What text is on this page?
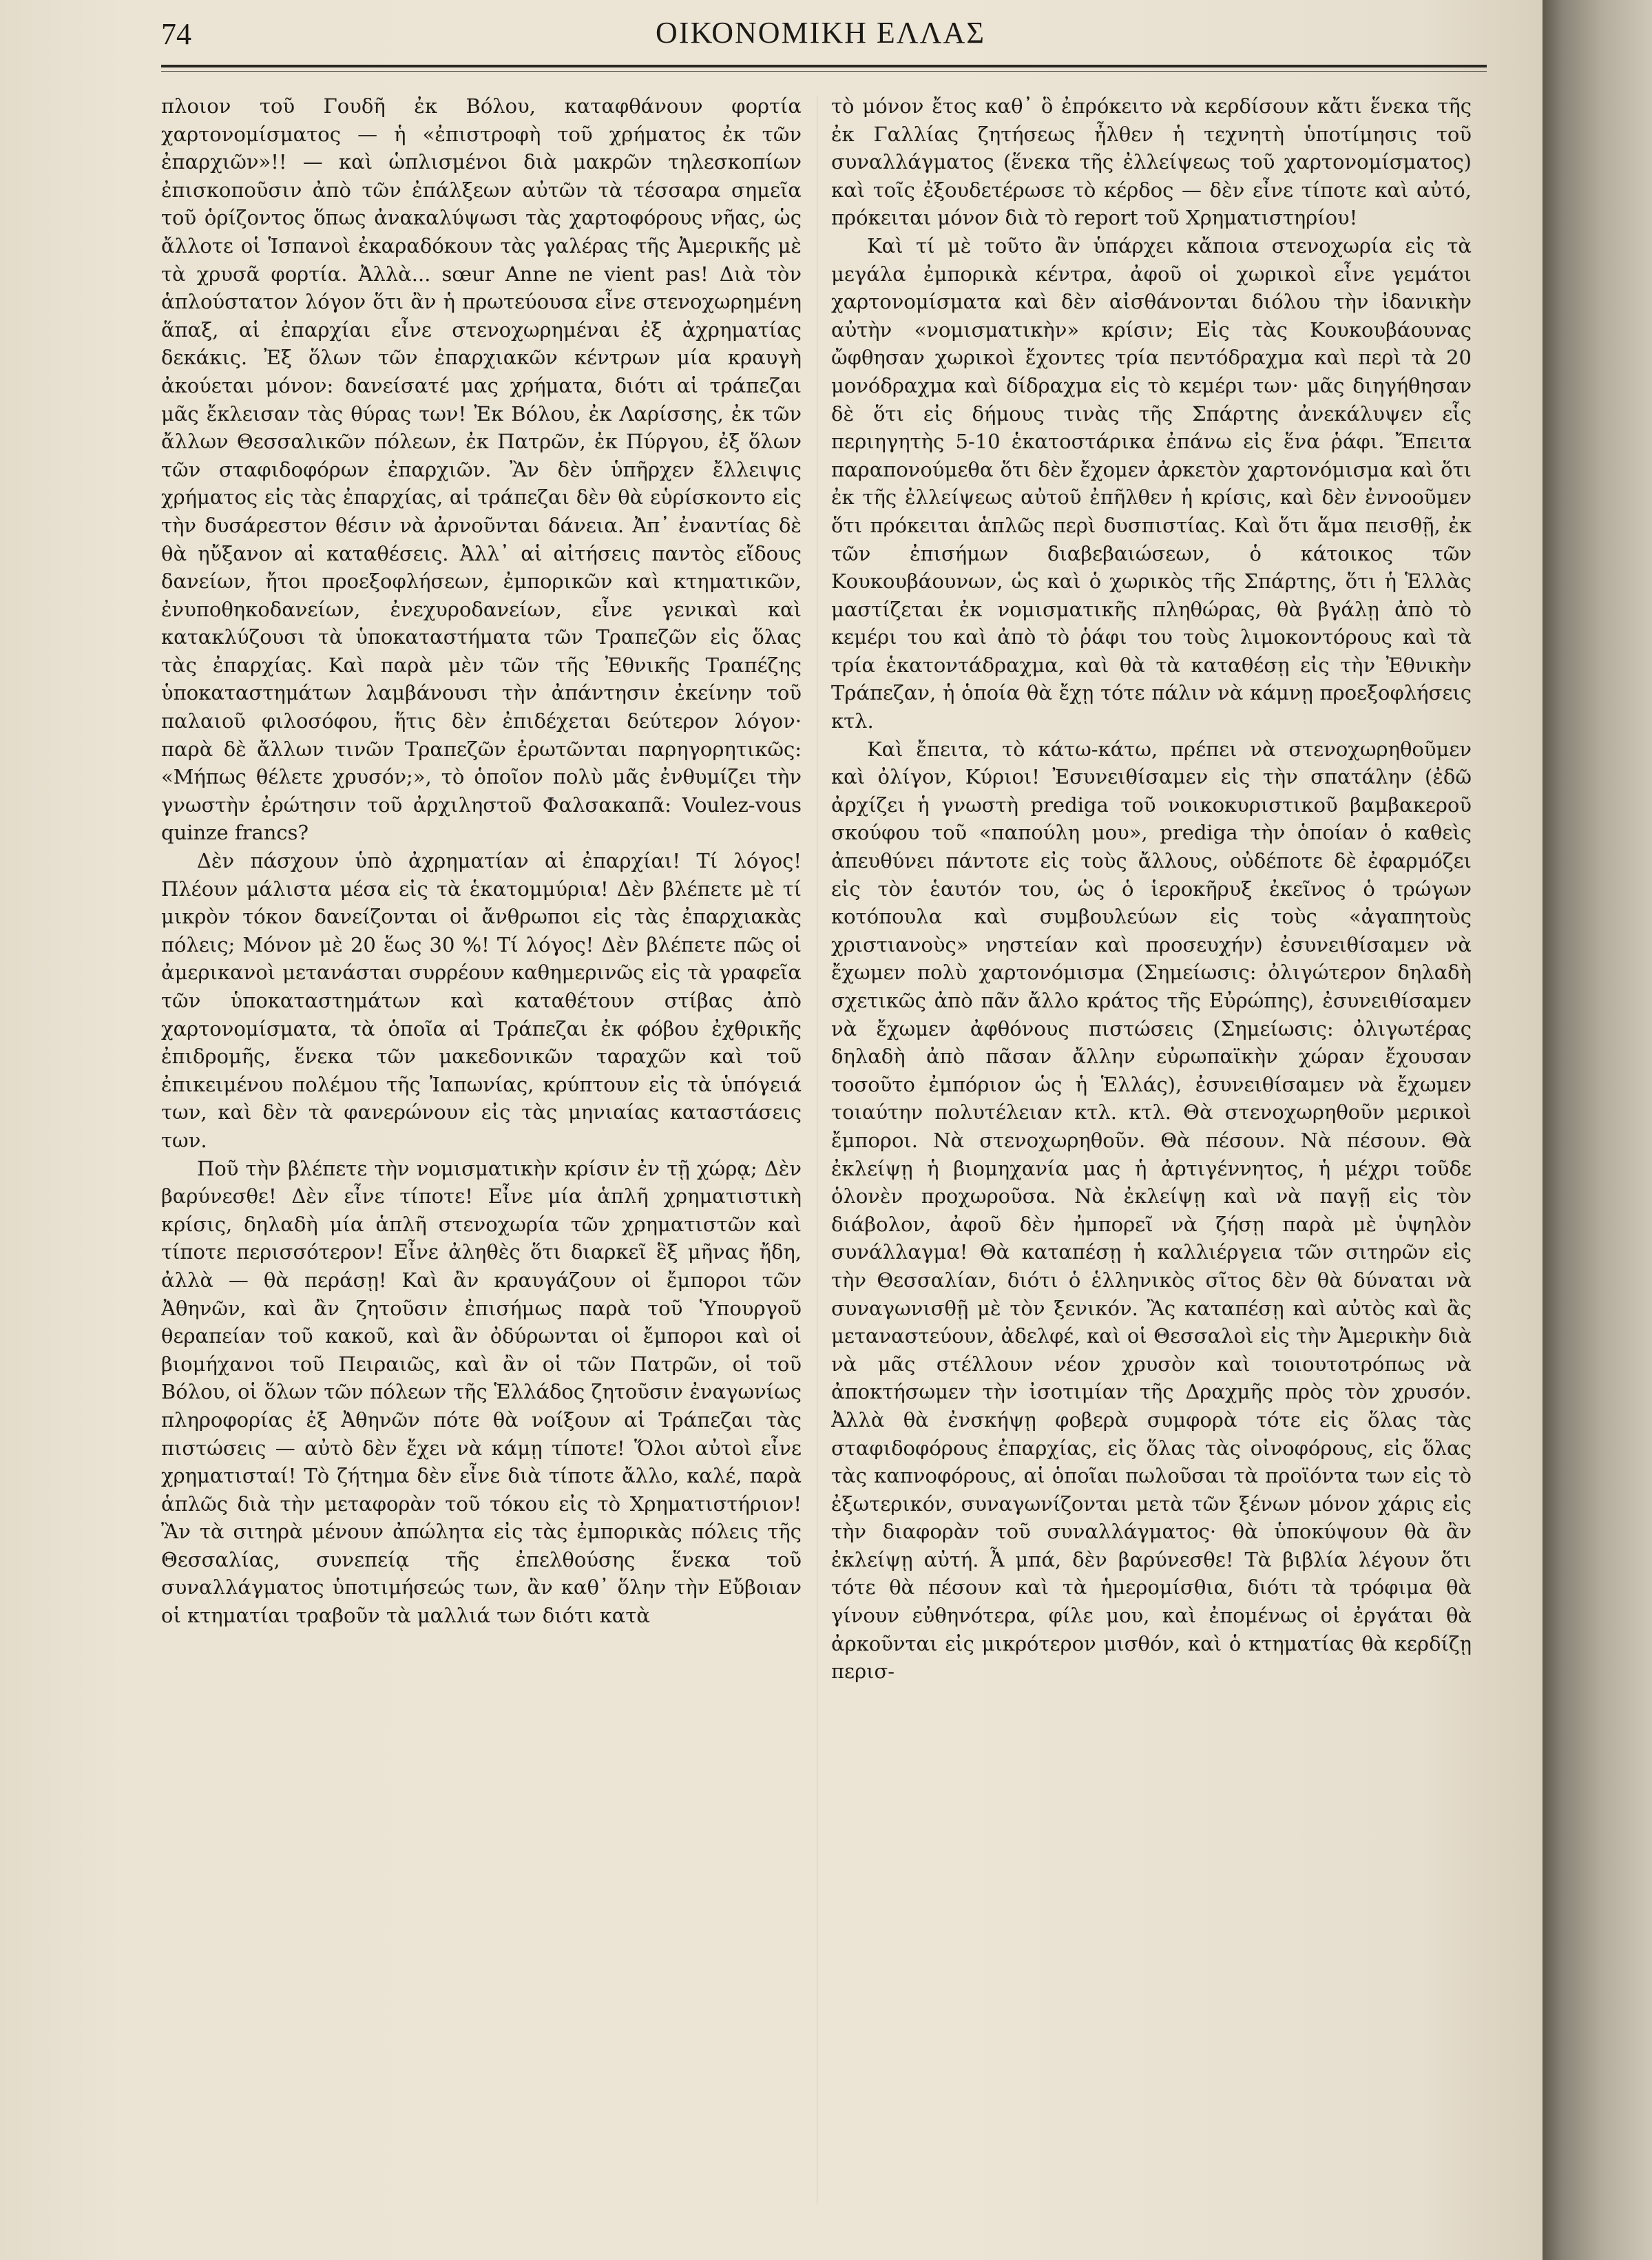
74	ΟΙΚΟΝΟΜΙΚΗ ΕΛΛΑΣ

πλοιον τοῦ Γουδῆ ἐκ Βόλου, καταφθάνουν φορτία χαρτονομίσματος — ἡ «ἐπιστροφὴ τοῦ χρήματος ἐκ τῶν ἐπαρχιῶν»!! — καὶ ὡπλισμένοι διὰ μακρῶν τηλεσκοπίων ἐπισκοποῦσιν ἀπὸ τῶν ἐπάλξεων αὐτῶν τὰ τέσσαρα σημεῖα τοῦ ὁρίζοντος ὅπως ἀνακαλύψωσι τὰς χαρτοφόρους νῆας, ὡς ἄλλοτε οἱ Ἱσπανοὶ ἐκαραδόκουν τὰς γαλέρας τῆς Ἀμερικῆς μὲ τὰ χρυσᾶ φορτία. Ἀλλὰ... sœur Anne ne vient pas! Διὰ τὸν ἁπλούστατον λόγον ὅτι ἂν ἡ πρωτεύουσα εἶνε στενοχωρημένη ἅπαξ, αἱ ἐπαρχίαι εἶνε στενοχωρημέναι ἐξ ἀχρηματίας δεκάκις. Ἐξ ὅλων τῶν ἐπαρχιακῶν κέντρων μία κραυγὴ ἀκούεται μόνον: δανείσατέ μας χρήματα, διότι αἱ τράπεζαι μᾶς ἔκλεισαν τὰς θύρας των! Ἐκ Βόλου, ἐκ Λαρίσσης, ἐκ τῶν ἄλλων Θεσσαλικῶν πόλεων, ἐκ Πατρῶν, ἐκ Πύργου, ἐξ ὅλων τῶν σταφιδοφόρων ἐπαρχιῶν. Ἂν δὲν ὑπῆρχεν ἔλλειψις χρήματος εἰς τὰς ἐπαρχίας, αἱ τράπεζαι δὲν θὰ εὑρίσκοντο εἰς τὴν δυσάρεστον θέσιν νὰ ἀρνοῦνται δάνεια. Ἀπ᾽ ἐναντίας δὲ θὰ ηὔξανον αἱ καταθέσεις. Ἀλλ᾽ αἱ αἰτήσεις παντὸς εἴδους δανείων, ἤτοι προεξοφλήσεων, ἐμπορικῶν καὶ κτηματικῶν, ἐνυποθηκοδανείων, ἐνεχυροδανείων, εἶνε γενικαὶ καὶ κατακλύζουσι τὰ ὑποκαταστήματα τῶν Τραπεζῶν εἰς ὅλας τὰς ἐπαρχίας. Καὶ παρὰ μὲν τῶν τῆς Ἐθνικῆς Τραπέζης ὑποκαταστημάτων λαμβάνουσι τὴν ἀπάντησιν ἐκείνην τοῦ παλαιοῦ φιλοσόφου, ἥτις δὲν ἐπιδέχεται δεύτερον λόγον· παρὰ δὲ ἄλλων τινῶν Τραπεζῶν ἐρωτῶνται παρηγορητικῶς: «Μήπως θέλετε χρυσόν;», τὸ ὁποῖον πολὺ μᾶς ἐνθυμίζει τὴν γνωστὴν ἐρώτησιν τοῦ ἀρχιληστοῦ Φαλσακαπᾶ: Voulez-vous quinze francs?

Δὲν πάσχουν ὑπὸ ἀχρηματίαν αἱ ἐπαρχίαι! Τί λόγος! Πλέουν μάλιστα μέσα εἰς τὰ ἑκατομμύρια! Δὲν βλέπετε μὲ τί μικρὸν τόκον δανείζονται οἱ ἄνθρωποι εἰς τὰς ἐπαρχιακὰς πόλεις; Μόνον μὲ 20 ἕως 30 %! Τί λόγος! Δὲν βλέπετε πῶς οἱ ἀμερικανοὶ μετανάσται συρρέουν καθημερινῶς εἰς τὰ γραφεῖα τῶν ὑποκαταστημάτων καὶ καταθέτουν στίβας ἀπὸ χαρτονομίσματα, τὰ ὁποῖα αἱ Τράπεζαι ἐκ φόβου ἐχθρικῆς ἐπιδρομῆς, ἕνεκα τῶν μακεδονικῶν ταραχῶν καὶ τοῦ ἐπικειμένου πολέμου τῆς Ἰαπωνίας, κρύπτουν εἰς τὰ ὑπόγειά των, καὶ δὲν τὰ φανερώνουν εἰς τὰς μηνιαίας καταστάσεις των.

Ποῦ τὴν βλέπετε τὴν νομισματικὴν κρίσιν ἐν τῇ χώρᾳ; Δὲν βαρύνεσθε! Δὲν εἶνε τίποτε! Εἶνε μία ἁπλῆ χρηματιστικὴ κρίσις, δηλαδὴ μία ἁπλῆ στενοχωρία τῶν χρηματιστῶν καὶ τίποτε περισσότερον! Εἶνε ἀληθὲς ὅτι διαρκεῖ ἓξ μῆνας ἤδη, ἀλλὰ — θὰ περάσῃ! Καὶ ἂν κραυγάζουν οἱ ἔμποροι τῶν Ἀθηνῶν, καὶ ἂν ζητοῦσιν ἐπισήμως παρὰ τοῦ Ὑπουργοῦ θεραπείαν τοῦ κακοῦ, καὶ ἂν ὀδύρωνται οἱ ἔμποροι καὶ οἱ βιομήχανοι τοῦ Πειραιῶς, καὶ ἂν οἱ τῶν Πατρῶν, οἱ τοῦ Βόλου, οἱ ὅλων τῶν πόλεων τῆς Ἑλλάδος ζητοῦσιν ἐναγωνίως πληροφορίας ἐξ Ἀθηνῶν πότε θὰ νοίξουν αἱ Τράπεζαι τὰς πιστώσεις — αὐτὸ δὲν ἔχει νὰ κάμῃ τίποτε! Ὅλοι αὐτοὶ εἶνε χρηματισταί! Τὸ ζήτημα δὲν εἶνε διὰ τίποτε ἄλλο, καλέ, παρὰ ἁπλῶς διὰ τὴν μεταφορὰν τοῦ τόκου εἰς τὸ Χρηματιστήριον! Ἂν τὰ σιτηρὰ μένουν ἀπώλητα εἰς τὰς ἐμπορικὰς πόλεις τῆς Θεσσαλίας, συνεπείᾳ τῆς ἐπελθούσης ἕνεκα τοῦ συναλλάγματος ὑποτιμήσεώς των, ἂν καθ᾽ ὅλην τὴν Εὔβοιαν οἱ κτηματίαι τραβοῦν τὰ μαλλιά των διότι κατὰ

τὸ μόνον ἔτος καθ᾽ ὃ ἐπρόκειτο νὰ κερδίσουν κἄτι ἕνεκα τῆς ἐκ Γαλλίας ζητήσεως ἦλθεν ἡ τεχνητὴ ὑποτίμησις τοῦ συναλλάγματος (ἕνεκα τῆς ἐλλείψεως τοῦ χαρτονομίσματος) καὶ τοῖς ἐξουδετέρωσε τὸ κέρδος — δὲν εἶνε τίποτε καὶ αὐτό, πρόκειται μόνον διὰ τὸ report τοῦ Χρηματιστηρίου!

Καὶ τί μὲ τοῦτο ἂν ὑπάρχει κἄποια στενοχωρία εἰς τὰ μεγάλα ἐμπορικὰ κέντρα, ἀφοῦ οἱ χωρικοὶ εἶνε γεμάτοι χαρτονομίσματα καὶ δὲν αἰσθάνονται διόλου τὴν ἰδανικὴν αὐτὴν «νομισματικὴν» κρίσιν; Εἰς τὰς Κουκουβάουνας ὤφθησαν χωρικοὶ ἔχοντες τρία πεντόδραχμα καὶ περὶ τὰ 20 μονόδραχμα καὶ δίδραχμα εἰς τὸ κεμέρι των· μᾶς διηγήθησαν δὲ ὅτι εἰς δήμους τινὰς τῆς Σπάρτης ἀνεκάλυψεν εἷς περιηγητὴς 5-10 ἑκατοστάρικα ἐπάνω εἰς ἕνα ῥάφι. Ἔπειτα παραπονούμεθα ὅτι δὲν ἔχομεν ἀρκετὸν χαρτονόμισμα καὶ ὅτι ἐκ τῆς ἐλλείψεως αὐτοῦ ἐπῆλθεν ἡ κρίσις, καὶ δὲν ἐννοοῦμεν ὅτι πρόκειται ἁπλῶς περὶ δυσπιστίας. Καὶ ὅτι ἅμα πεισθῇ, ἐκ τῶν ἐπισήμων διαβεβαιώσεων, ὁ κάτοικος τῶν Κουκουβάουνων, ὡς καὶ ὁ χωρικὸς τῆς Σπάρτης, ὅτι ἡ Ἑλλὰς μαστίζεται ἐκ νομισματικῆς πληθώρας, θὰ βγάλῃ ἀπὸ τὸ κεμέρι του καὶ ἀπὸ τὸ ῥάφι του τοὺς λιμοκοντόρους καὶ τὰ τρία ἑκατοντάδραχμα, καὶ θὰ τὰ καταθέσῃ εἰς τὴν Ἐθνικὴν Τράπεζαν, ἡ ὁποία θὰ ἔχῃ τότε πάλιν νὰ κάμνῃ προεξοφλήσεις κτλ.

Καὶ ἔπειτα, τὸ κάτω-κάτω, πρέπει νὰ στενοχωρηθοῦμεν καὶ ὀλίγον, Κύριοι! Ἐσυνειθίσαμεν εἰς τὴν σπατάλην (ἐδῶ ἀρχίζει ἡ γνωστὴ prediga τοῦ νοικοκυριστικοῦ βαμβακεροῦ σκούφου τοῦ «παπούλη μου», prediga τὴν ὁποίαν ὁ καθεὶς ἀπευθύνει πάντοτε εἰς τοὺς ἄλλους, οὐδέποτε δὲ ἐφαρμόζει εἰς τὸν ἑαυτόν του, ὡς ὁ ἱεροκῆρυξ ἐκεῖνος ὁ τρώγων κοτόπουλα καὶ συμβουλεύων εἰς τοὺς «ἀγαπητοὺς χριστιανοὺς» νηστείαν καὶ προσευχήν) ἐσυνειθίσαμεν νὰ ἔχωμεν πολὺ χαρτονόμισμα (Σημείωσις: ὀλιγώτερον δηλαδὴ σχετικῶς ἀπὸ πᾶν ἄλλο κράτος τῆς Εὐρώπης), ἐσυνειθίσαμεν νὰ ἔχωμεν ἀφθόνους πιστώσεις (Σημείωσις: ὀλιγωτέρας δηλαδὴ ἀπὸ πᾶσαν ἄλλην εὐρωπαϊκὴν χώραν ἔχουσαν τοσοῦτο ἐμπόριον ὡς ἡ Ἑλλάς), ἐσυνειθίσαμεν νὰ ἔχωμεν τοιαύτην πολυτέλειαν κτλ. κτλ. Θὰ στενοχωρηθοῦν μερικοὶ ἔμποροι. Νὰ στενοχωρηθοῦν. Θὰ πέσουν. Νὰ πέσουν. Θὰ ἐκλείψῃ ἡ βιομηχανία μας ἡ ἀρτιγέννητος, ἡ μέχρι τοῦδε ὁλονὲν προχωροῦσα. Νὰ ἐκλείψῃ καὶ νὰ παγῇ εἰς τὸν διάβολον, ἀφοῦ δὲν ἠμπορεῖ νὰ ζήσῃ παρὰ μὲ ὑψηλὸν συνάλλαγμα! Θὰ καταπέσῃ ἡ καλλιέργεια τῶν σιτηρῶν εἰς τὴν Θεσσαλίαν, διότι ὁ ἑλληνικὸς σῖτος δὲν θὰ δύναται νὰ συναγωνισθῇ μὲ τὸν ξενικόν. Ἂς καταπέσῃ καὶ αὐτὸς καὶ ἂς μεταναστεύουν, ἀδελφέ, καὶ οἱ Θεσσαλοὶ εἰς τὴν Ἀμερικὴν διὰ νὰ μᾶς στέλλουν νέον χρυσὸν καὶ τοιουτοτρόπως νὰ ἀποκτήσωμεν τὴν ἰσοτιμίαν τῆς Δραχμῆς πρὸς τὸν χρυσόν. Ἀλλὰ θὰ ἐνσκήψῃ φοβερὰ συμφορὰ τότε εἰς ὅλας τὰς σταφιδοφόρους ἐπαρχίας, εἰς ὅλας τὰς οἰνοφόρους, εἰς ὅλας τὰς καπνοφόρους, αἱ ὁποῖαι πωλοῦσαι τὰ προϊόντα των εἰς τὸ ἐξωτερικόν, συναγωνίζονται μετὰ τῶν ξένων μόνον χάρις εἰς τὴν διαφορὰν τοῦ συναλλάγματος· θὰ ὑποκύψουν θὰ ἂν ἐκλείψῃ αὐτή. Ἆ μπά, δὲν βαρύνεσθε! Τὰ βιβλία λέγουν ὅτι τότε θὰ πέσουν καὶ τὰ ἡμερομίσθια, διότι τὰ τρόφιμα θὰ γίνουν εὐθηνότερα, φίλε μου, καὶ ἐπομένως οἱ ἐργάται θὰ ἀρκοῦνται εἰς μικρότερον μισθόν, καὶ ὁ κτηματίας θὰ κερδίζῃ περισ-
